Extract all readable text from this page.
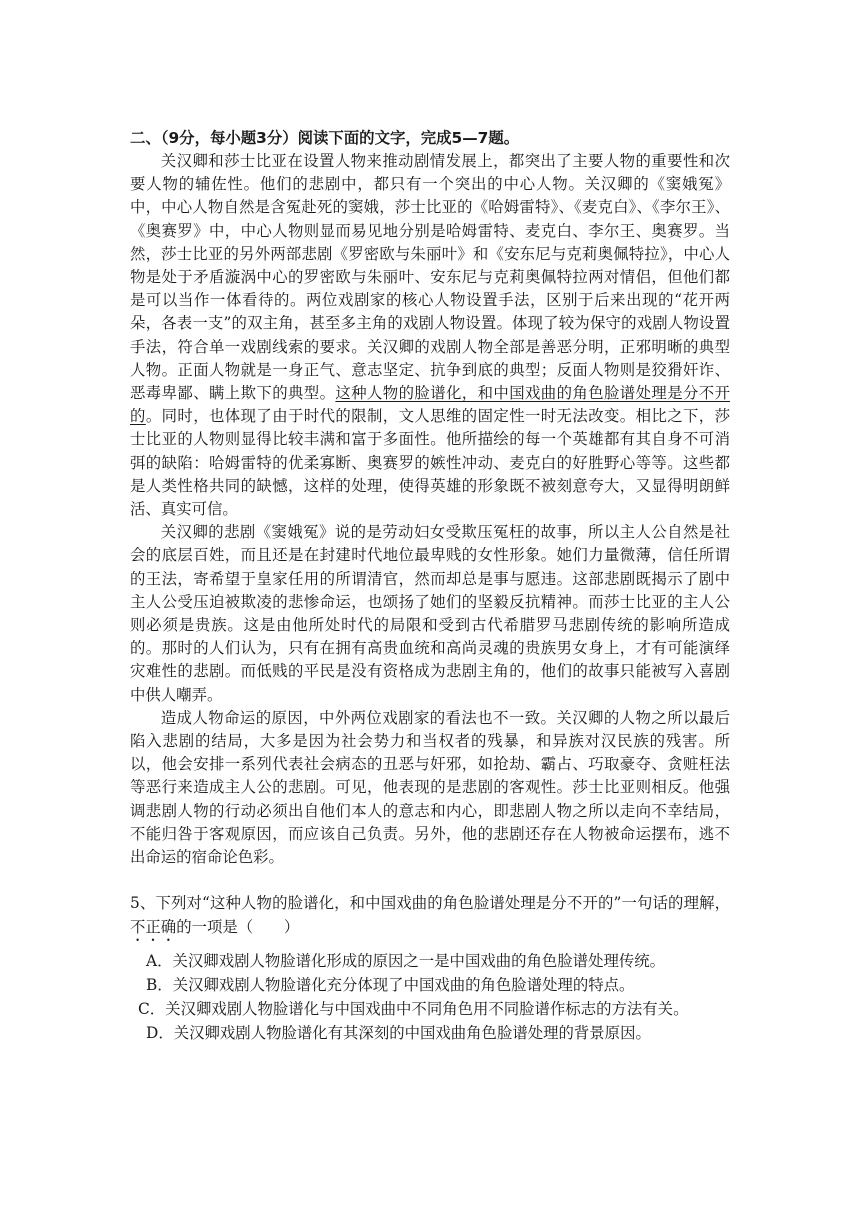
二、（9分，每小题3分）阅读下面的文字，完成5—7题。

关汉卿和莎士比亚在设置人物来推动剧情发展上，都突出了主要人物的重要性和次要人物的辅佐性。他们的悲剧中，都只有一个突出的中心人物。关汉卿的《窦娥冤》中，中心人物自然是含冤赴死的窦娥，莎士比亚的《哈姆雷特》、《麦克白》、《李尔王》、《奥赛罗》中，中心人物则显而易见地分别是哈姆雷特、麦克白、李尔王、奥赛罗。当然，莎士比亚的另外两部悲剧《罗密欧与朱丽叶》和《安东尼与克莉奥佩特拉》，中心人物是处于矛盾漩涡中心的罗密欧与朱丽叶、安东尼与克莉奥佩特拉两对情侣，但他们都是可以当作一体看待的。两位戏剧家的核心人物设置手法，区别于后来出现的“花开两朵，各表一支”的双主角，甚至多主角的戏剧人物设置。体现了较为保守的戏剧人物设置手法，符合单一戏剧线索的要求。关汉卿的戏剧人物全部是善恶分明，正邪明晰的典型人物。正面人物就是一身正气、意志坚定、抗争到底的典型；反面人物则是狡猾奸诈、恶毒卑鄙、瞒上欺下的典型。这种人物的脸谱化，和中国戏曲的角色脸谱处理是分不开的。同时，也体现了由于时代的限制，文人思维的固定性一时无法改变。相比之下，莎士比亚的人物则显得比较丰满和富于多面性。他所描绘的每一个英雄都有其自身不可消弭的缺陷：哈姆雷特的优柔寡断、奥赛罗的嫉性冲动、麦克白的好胜野心等等。这些都是人类性格共同的缺憾，这样的处理，使得英雄的形象既不被刻意夸大，又显得明朗鲜活、真实可信。

关汉卿的悲剧《窦娥冤》说的是劳动妇女受欺压冤枉的故事，所以主人公自然是社会的底层百姓，而且还是在封建时代地位最卑贱的女性形象。她们力量微薄，信任所谓的王法，寄希望于皇家任用的所谓清官，然而却总是事与愿违。这部悲剧既揭示了剧中主人公受压迫被欺凌的悲惨命运，也颂扬了她们的坚毅反抗精神。而莎士比亚的主人公则必须是贵族。这是由他所处时代的局限和受到古代希腊罗马悲剧传统的影响所造成的。那时的人们认为，只有在拥有高贵血统和高尚灵魂的贵族男女身上，才有可能演绎灾难性的悲剧。而低贱的平民是没有资格成为悲剧主角的，他们的故事只能被写入喜剧中供人嘲弄。

造成人物命运的原因，中外两位戏剧家的看法也不一致。关汉卿的人物之所以最后陷入悲剧的结局，大多是因为社会势力和当权者的残暴，和异族对汉民族的残害。所以，他会安排一系列代表社会病态的丑恶与奸邪，如抢劫、霸占、巧取豪夺、贪赃枉法等恶行来造成主人公的悲剧。可见，他表现的是悲剧的客观性。莎士比亚则相反。他强调悲剧人物的行动必须出自他们本人的意志和内心，即悲剧人物之所以走向不幸结局，不能归咎于客观原因，而应该自己负责。另外，他的悲剧还存在人物被命运摆布，逃不出命运的宿命论色彩。

5、下列对“这种人物的脸谱化，和中国戏曲的角色脸谱处理是分不开的”一句话的理解，不正确的一项是（　　）

A．关汉卿戏剧人物脸谱化形成的原因之一是中国戏曲的角色脸谱处理传统。

B．关汉卿戏剧人物脸谱化充分体现了中国戏曲的角色脸谱处理的特点。

C．关汉卿戏剧人物脸谱化与中国戏曲中不同角色用不同脸谱作标志的方法有关。

D．关汉卿戏剧人物脸谱化有其深刻的中国戏曲角色脸谱处理的背景原因。
